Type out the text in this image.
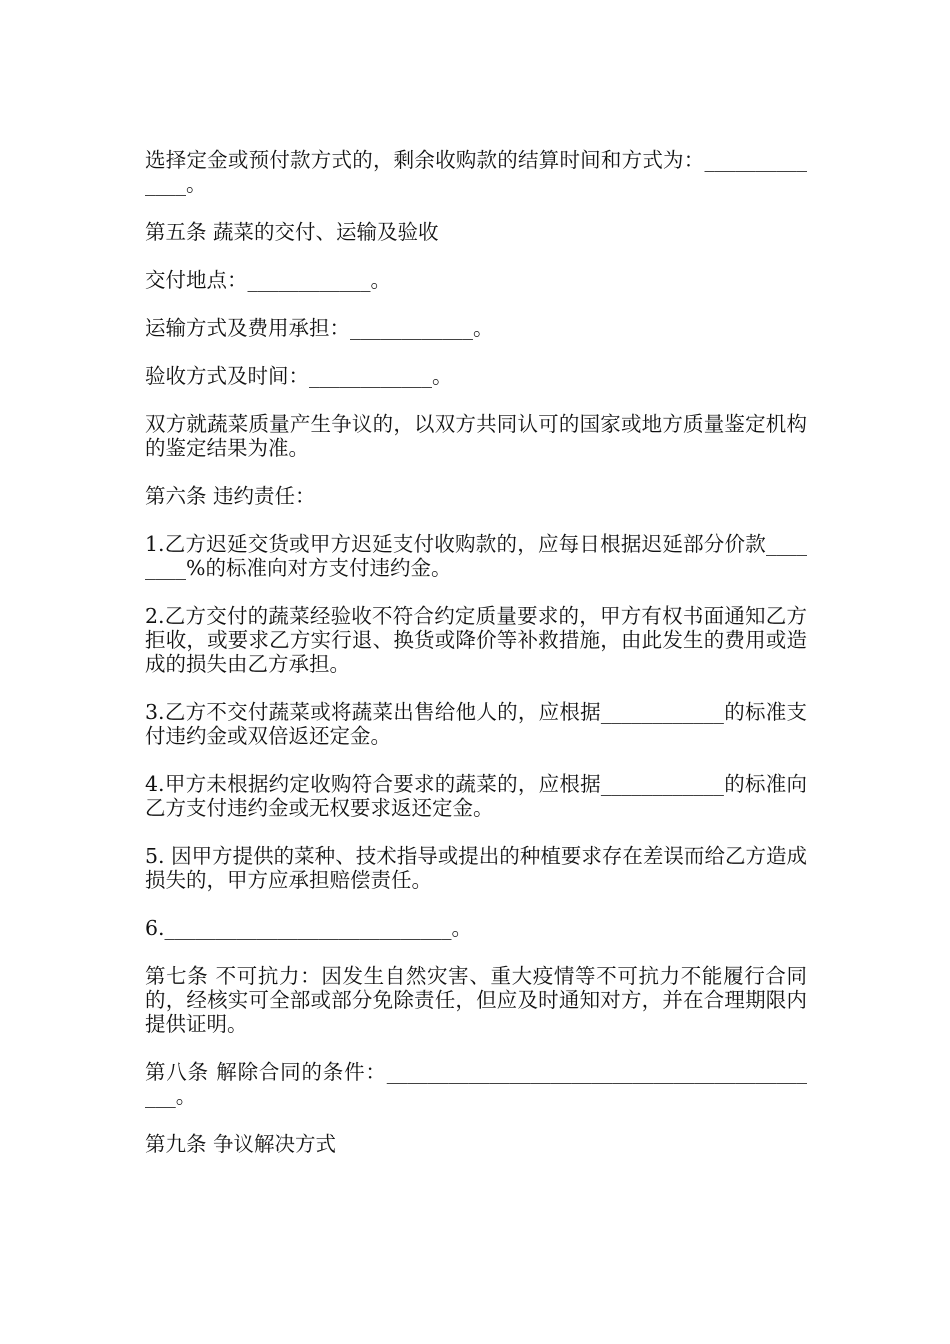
选择定金或预付款方式的，剩余收购款的结算时间和方式为：______________。

第五条 蔬菜的交付、运输及验收

交付地点：____________。

运输方式及费用承担：____________。

验收方式及时间：____________。

双方就蔬菜质量产生争议的，以双方共同认可的国家或地方质量鉴定机构的鉴定结果为准。

第六条 违约责任：

1.乙方迟延交货或甲方迟延支付收购款的，应每日根据迟延部分价款________%的标准向对方支付违约金。

2.乙方交付的蔬菜经验收不符合约定质量要求的，甲方有权书面通知乙方拒收，或要求乙方实行退、换货或降价等补救措施，由此发生的费用或造成的损失由乙方承担。

3.乙方不交付蔬菜或将蔬菜出售给他人的，应根据____________的标准支付违约金或双倍返还定金。

4.甲方未根据约定收购符合要求的蔬菜的，应根据____________的标准向乙方支付违约金或无权要求返还定金。

5. 因甲方提供的菜种、技术指导或提出的种植要求存在差误而给乙方造成损失的，甲方应承担赔偿责任。

6.____________________________。

第七条 不可抗力：因发生自然灾害、重大疫情等不可抗力不能履行合同的，经核实可全部或部分免除责任，但应及时通知对方，并在合理期限内提供证明。

第八条 解除合同的条件：____________________________________________。

第九条 争议解决方式
